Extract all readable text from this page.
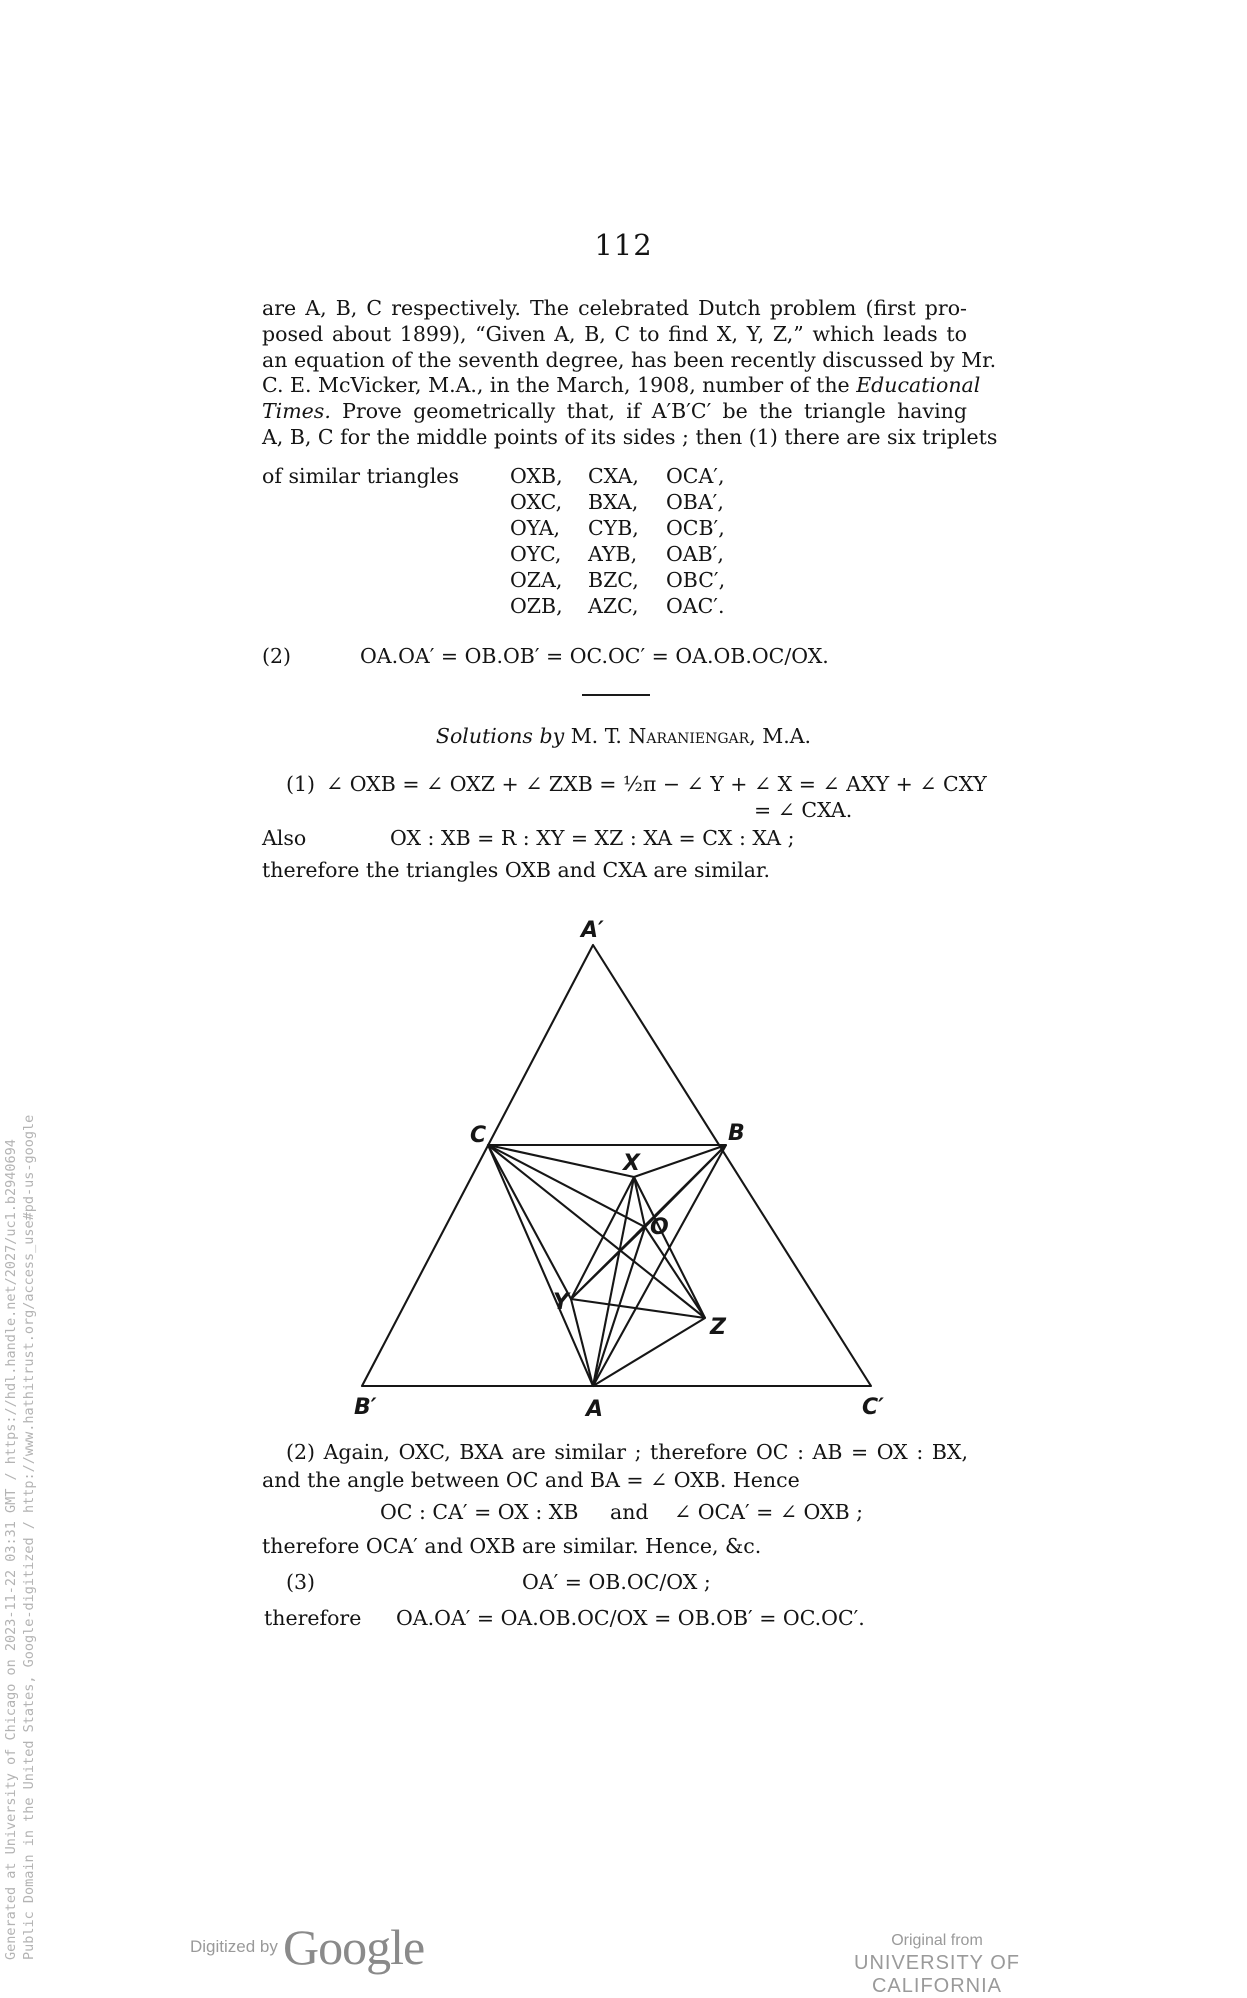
112
are A, B, C respectively. The celebrated Dutch problem (first pro-
posed about 1899), “Given A, B, C to find X, Y, Z,” which leads to
an equation of the seventh degree, has been recently discussed by Mr.
C. E. McVicker, M.A., in the March, 1908, number of the Educational
Times. Prove geometrically that, if A′B′C′ be the triangle having
A, B, C for the middle points of its sides ; then (1) there are six triplets
of similar triangles OXB, CXA, OCA′,
OXC, BXA, OBA′,
OYA, CYB, OCB′,
OYC, AYB, OAB′,
OZA, BZC, OBC′,
OZB, AZC, OAC′.
(2)	OA.OA′ = OB.OB′ = OC.OC′ = OA.OB.OC/OX.
Solutions by M. T. Naraniengar, M.A.
(1) ∠ OXB = ∠ OXZ + ∠ ZXB = ½π − ∠ Y + ∠ X = ∠ AXY + ∠ CXY
= ∠ CXA.
Also	OX : XB = R : XY = XZ : XA = CX : XA ;
therefore the triangles OXB and CXA are similar.
A′
B′	C′
A
B
C
X
Y
Z
O
(2) Again, OXC, BXA are similar ; therefore OC : AB = OX : BX,
and the angle between OC and BA = ∠ OXB. Hence
OC : CA′ = OX : XB and ∠ OCA′ = ∠ OXB ;
therefore OCA′ and OXB are similar. Hence, &c.
(3)	OA′ = OB.OC/OX ;
therefore OA.OA′ = OA.OB.OC/OX = OB.OB′ = OC.OC′.
Generated at University of Chicago on 2023-11-22 03:31 GMT / https://hdl.handle.net/2027/uc1.b2940694 Public Domain in the United States, Google-digitized / http://www.hathitrust.org/access_use#pd-us-google	Digitized by Google	Original from
UNIVERSITY OF CALIFORNIA
